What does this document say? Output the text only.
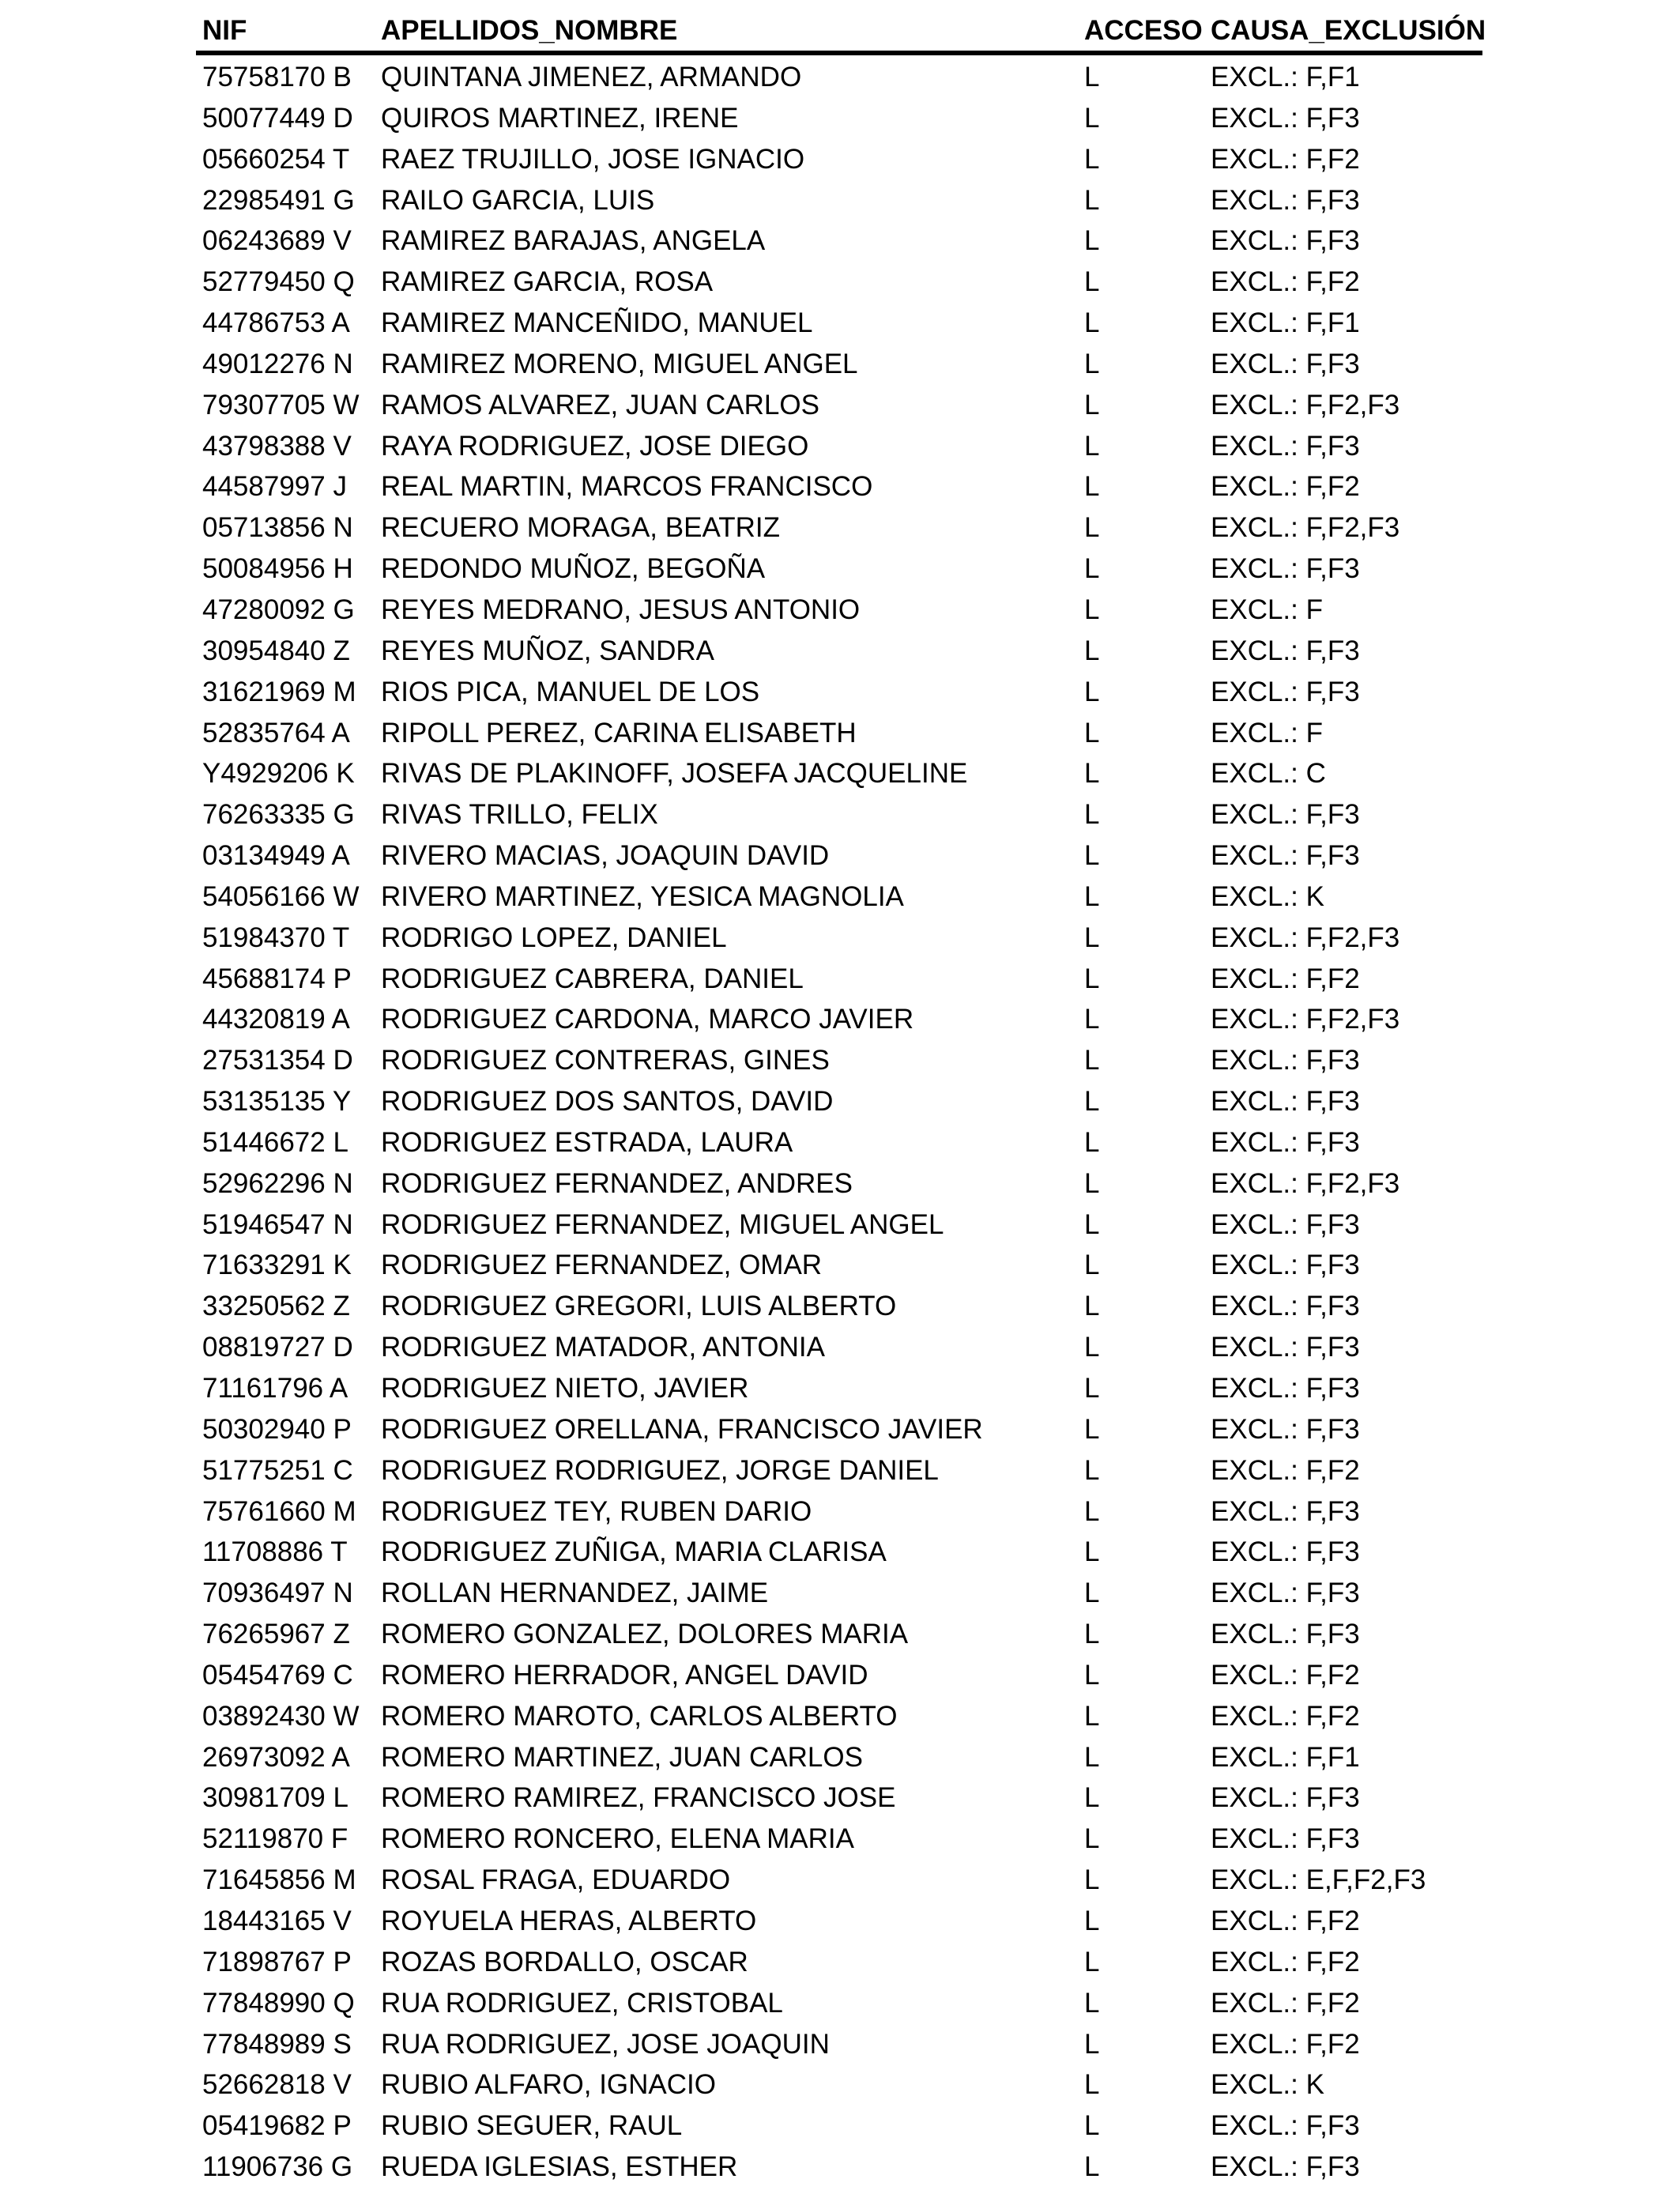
NIF	APELLIDOS_NOMBRE	ACCESO CAUSA_EXCLUSIÓN
75758170 B QUINTANA JIMENEZ, ARMANDO	L	EXCL.: F,F1
50077449 D QUIROS MARTINEZ, IRENE	L	EXCL.: F,F3
05660254 T RAEZ TRUJILLO, JOSE IGNACIO	L	EXCL.: F,F2
22985491 G RAILO GARCIA, LUIS	L	EXCL.: F,F3
06243689 V RAMIREZ BARAJAS, ANGELA	L	EXCL.: F,F3
52779450 Q RAMIREZ GARCIA, ROSA	L	EXCL.: F,F2
44786753 A RAMIREZ MANCEÑIDO, MANUEL	L	EXCL.: F,F1
49012276 N RAMIREZ MORENO, MIGUEL ANGEL	L	EXCL.: F,F3
79307705 W RAMOS ALVAREZ, JUAN CARLOS	L	EXCL.: F,F2,F3
43798388 V RAYA RODRIGUEZ, JOSE DIEGO	L	EXCL.: F,F3
44587997 J REAL MARTIN, MARCOS FRANCISCO	L	EXCL.: F,F2
05713856 N RECUERO MORAGA, BEATRIZ	L	EXCL.: F,F2,F3
50084956 H REDONDO MUÑOZ, BEGOÑA	L	EXCL.: F,F3
47280092 G REYES MEDRANO, JESUS ANTONIO	L	EXCL.: F
30954840 Z REYES MUÑOZ, SANDRA	L	EXCL.: F,F3
31621969 M RIOS PICA, MANUEL DE LOS	L	EXCL.: F,F3
52835764 A RIPOLL PEREZ, CARINA ELISABETH	L	EXCL.: F
Y4929206 K RIVAS DE PLAKINOFF, JOSEFA JACQUELINE	L	EXCL.: C
76263335 G RIVAS TRILLO, FELIX	L	EXCL.: F,F3
03134949 A RIVERO MACIAS, JOAQUIN DAVID	L	EXCL.: F,F3
54056166 W RIVERO MARTINEZ, YESICA MAGNOLIA	L	EXCL.: K
51984370 T RODRIGO LOPEZ, DANIEL	L	EXCL.: F,F2,F3
45688174 P RODRIGUEZ CABRERA, DANIEL	L	EXCL.: F,F2
44320819 A RODRIGUEZ CARDONA, MARCO JAVIER	L	EXCL.: F,F2,F3
27531354 D RODRIGUEZ CONTRERAS, GINES	L	EXCL.: F,F3
53135135 Y RODRIGUEZ DOS SANTOS, DAVID	L	EXCL.: F,F3
51446672 L RODRIGUEZ ESTRADA, LAURA	L	EXCL.: F,F3
52962296 N RODRIGUEZ FERNANDEZ, ANDRES	L	EXCL.: F,F2,F3
51946547 N RODRIGUEZ FERNANDEZ, MIGUEL ANGEL	L	EXCL.: F,F3
71633291 K RODRIGUEZ FERNANDEZ, OMAR	L	EXCL.: F,F3
33250562 Z RODRIGUEZ GREGORI, LUIS ALBERTO	L	EXCL.: F,F3
08819727 D RODRIGUEZ MATADOR, ANTONIA	L	EXCL.: F,F3
71161796 A RODRIGUEZ NIETO, JAVIER	L	EXCL.: F,F3
50302940 P RODRIGUEZ ORELLANA, FRANCISCO JAVIER	L	EXCL.: F,F3
51775251 C RODRIGUEZ RODRIGUEZ, JORGE DANIEL	L	EXCL.: F,F2
75761660 M RODRIGUEZ TEY, RUBEN DARIO	L	EXCL.: F,F3
11708886 T RODRIGUEZ ZUÑIGA, MARIA CLARISA	L	EXCL.: F,F3
70936497 N ROLLAN HERNANDEZ, JAIME	L	EXCL.: F,F3
76265967 Z ROMERO GONZALEZ, DOLORES MARIA	L	EXCL.: F,F3
05454769 C ROMERO HERRADOR, ANGEL DAVID	L	EXCL.: F,F2
03892430 W ROMERO MAROTO, CARLOS ALBERTO	L	EXCL.: F,F2
26973092 A ROMERO MARTINEZ, JUAN CARLOS	L	EXCL.: F,F1
30981709 L ROMERO RAMIREZ, FRANCISCO JOSE	L	EXCL.: F,F3
52119870 F ROMERO RONCERO, ELENA MARIA	L	EXCL.: F,F3
71645856 M ROSAL FRAGA, EDUARDO	L	EXCL.: E,F,F2,F3
18443165 V ROYUELA HERAS, ALBERTO	L	EXCL.: F,F2
71898767 P ROZAS BORDALLO, OSCAR	L	EXCL.: F,F2
77848990 Q RUA RODRIGUEZ, CRISTOBAL	L	EXCL.: F,F2
77848989 S RUA RODRIGUEZ, JOSE JOAQUIN	L	EXCL.: F,F2
52662818 V RUBIO ALFARO, IGNACIO	L	EXCL.: K
05419682 P RUBIO SEGUER, RAUL	L	EXCL.: F,F3
11906736 G RUEDA IGLESIAS, ESTHER	L	EXCL.: F,F3
